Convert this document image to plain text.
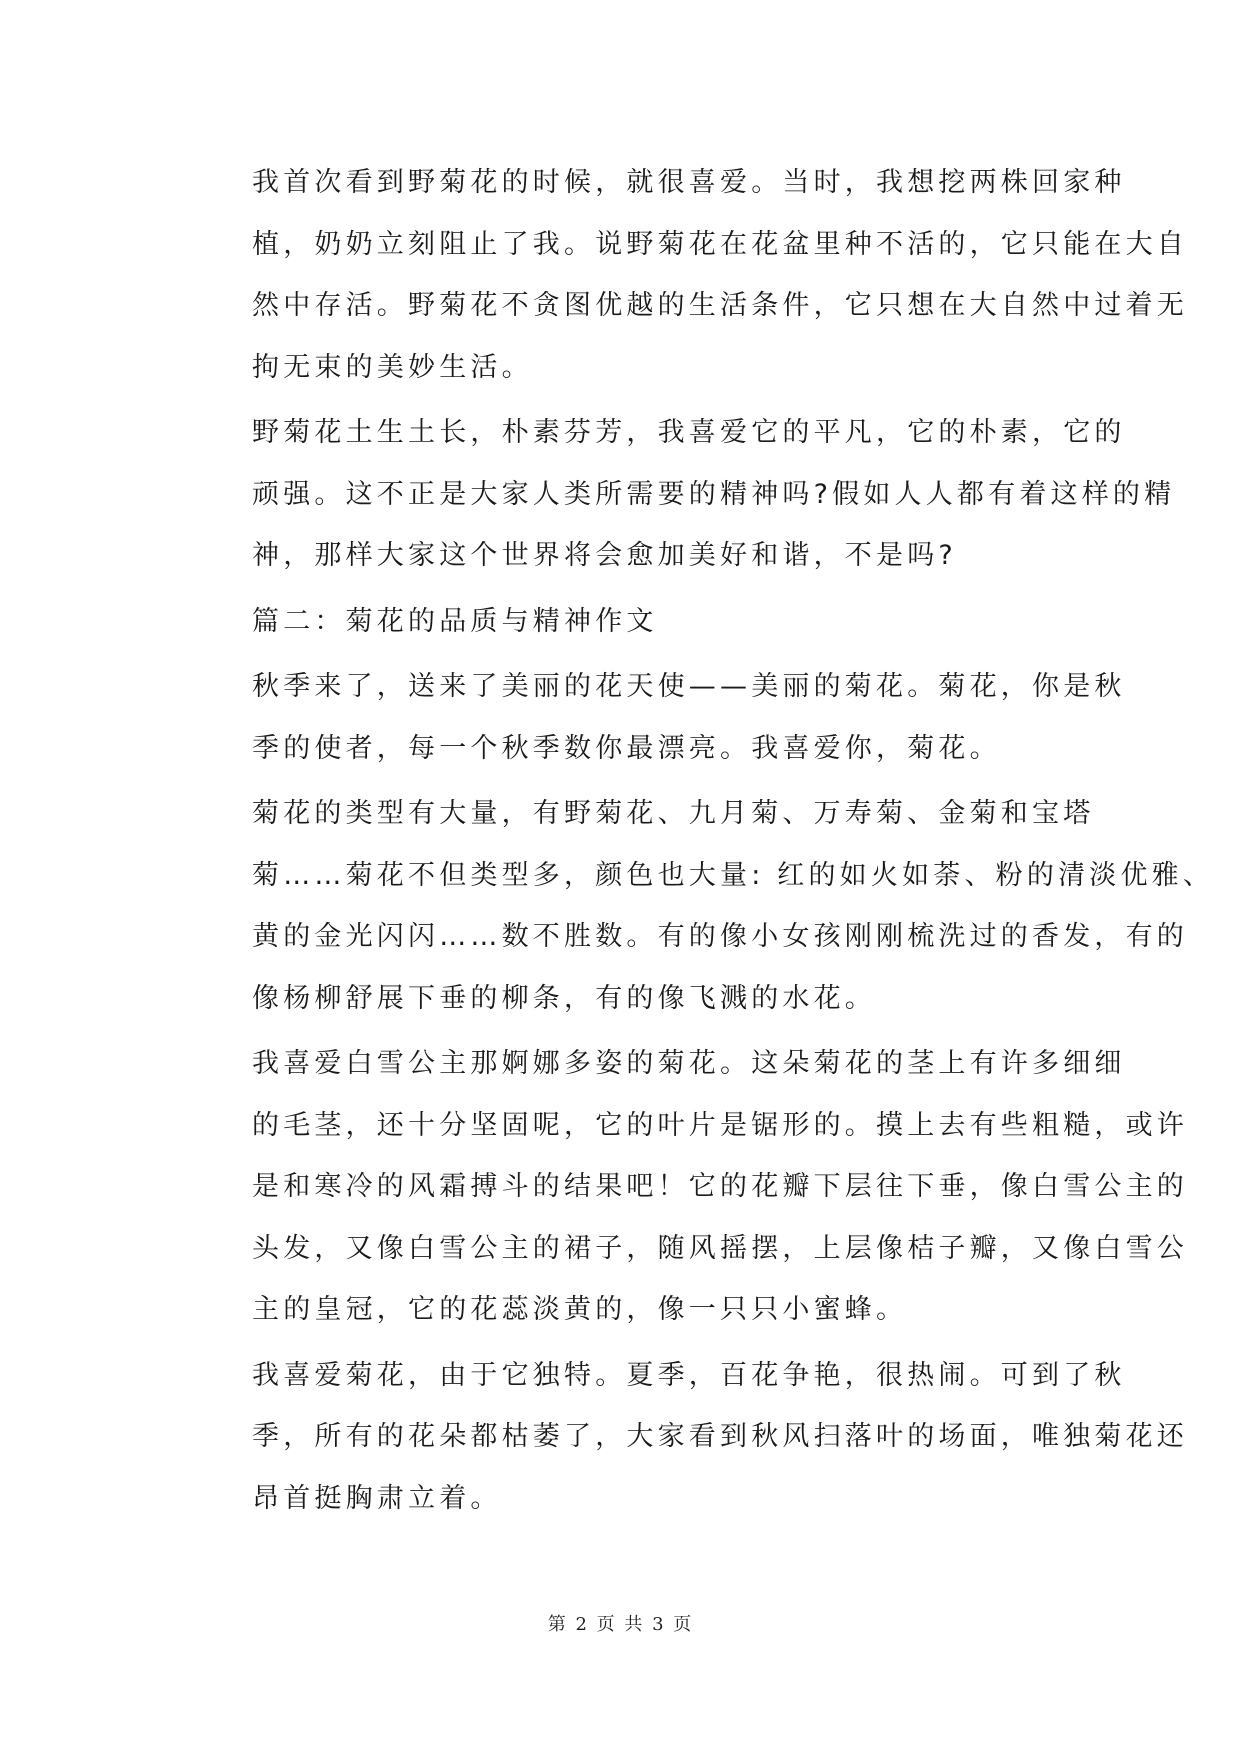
我首次看到野菊花的时候，就很喜爱。当时，我想挖两株回家种
植，奶奶立刻阻止了我。说野菊花在花盆里种不活的，它只能在大自
然中存活。野菊花不贪图优越的生活条件，它只想在大自然中过着无
拘无束的美妙生活。

野菊花土生土长，朴素芬芳，我喜爱它的平凡，它的朴素，它的
顽强。这不正是大家人类所需要的精神吗?假如人人都有着这样的精
神，那样大家这个世界将会愈加美好和谐，不是吗?

篇二：菊花的品质与精神作文

秋季来了，送来了美丽的花天使——美丽的菊花。菊花，你是秋
季的使者，每一个秋季数你最漂亮。我喜爱你，菊花。

菊花的类型有大量，有野菊花、九月菊、万寿菊、金菊和宝塔
菊……菊花不但类型多，颜色也大量: 红的如火如荼、粉的清淡优雅、
黄的金光闪闪……数不胜数。有的像小女孩刚刚梳洗过的香发，有的
像杨柳舒展下垂的柳条，有的像飞溅的水花。

我喜爱白雪公主那婀娜多姿的菊花。这朵菊花的茎上有许多细细
的毛茎，还十分坚固呢，它的叶片是锯形的。摸上去有些粗糙，或许
是和寒冷的风霜搏斗的结果吧！它的花瓣下层往下垂，像白雪公主的
头发，又像白雪公主的裙子，随风摇摆，上层像桔子瓣，又像白雪公
主的皇冠，它的花蕊淡黄的，像一只只小蜜蜂。

我喜爱菊花，由于它独特。夏季，百花争艳，很热闹。可到了秋
季，所有的花朵都枯萎了，大家看到秋风扫落叶的场面，唯独菊花还
昂首挺胸肃立着。

第 2 页 共 3 页
